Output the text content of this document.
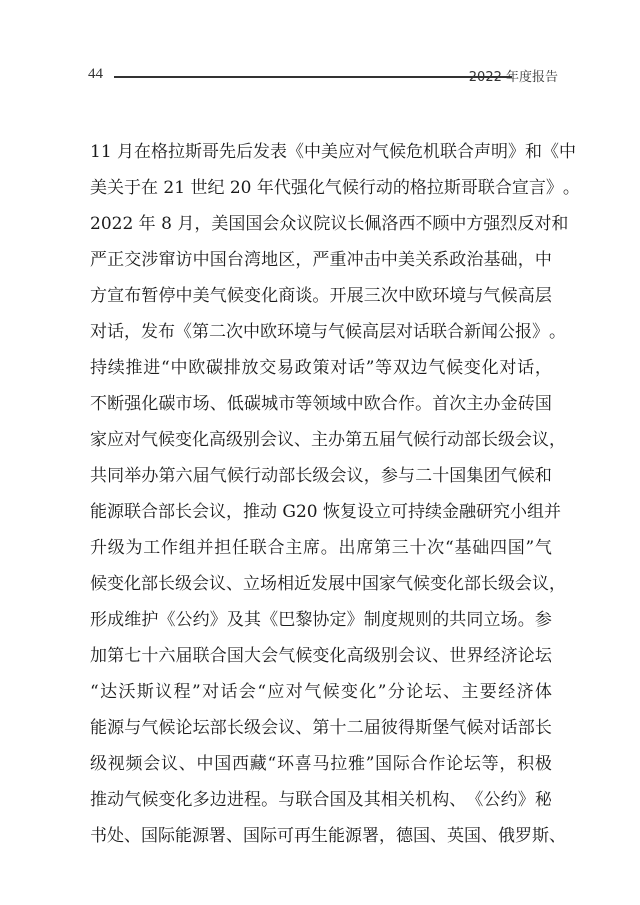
44	2022 年度报告
11
月 在 格 拉 斯 哥 先 后 发 表 《 中 美 应 对 气 候 危 机 联 合 声 明 》 和 《 中
美 关 于 在
21
世 纪
20
年 代 强 化 气 候 行 动 的 格 拉 斯 哥 联 合 宣 言 》 。
2022
年
8
月 ， 美 国 国 会 众 议 院 议 长 佩 洛 西 不 顾 中 方 强 烈 反 对 和
严 正 交 涉 窜 访 中 国 台 湾 地 区 ， 严 重 冲 击 中 美 关 系 政 治 基 础 ， 中
方 宣 布 暂 停 中 美 气 候 变 化 商 谈 。 开 展 三 次 中 欧 环 境 与 气 候 高 层
对 话 ， 发 布 《 第 二 次 中 欧 环 境 与 气 候 高 层 对 话 联 合 新 闻 公 报 》 。
持 续 推 进 “ 中 欧 碳 排 放 交 易 政 策 对 话 ” 等 双 边 气 候 变 化 对 话 ，
不 断 强 化 碳 市 场 、 低 碳 城 市 等 领 域 中 欧 合 作 。 首 次 主 办 金 砖 国
家 应 对 气 候 变 化 高 级 别 会 议 、 主 办 第 五 届 气 候 行 动 部 长 级 会 议 ，
共 同 举 办 第 六 届 气 候 行 动 部 长 级 会 议 ， 参 与 二 十 国 集 团 气 候 和
能 源 联 合 部 长 会 议 ， 推 动
G20
恢 复 设 立 可 持 续 金 融 研 究 小 组 并
升 级 为 工 作 组 并 担 任 联 合 主 席 。 出 席 第 三 十 次 “ 基 础 四 国 ” 气
候 变 化 部 长 级 会 议 、 立 场 相 近 发 展 中 国 家 气 候 变 化 部 长 级 会 议 ，
形 成 维 护 《 公 约 》 及 其 《 巴 黎 协 定 》 制 度 规 则 的 共 同 立 场 。 参
加 第 七 十 六 届 联 合 国 大 会 气 候 变 化 高 级 别 会 议 、 世 界 经 济 论 坛
“ 达 沃 斯 议 程 ” 对 话 会 “ 应 对 气 候 变 化 ” 分 论 坛 、 主 要 经 济 体
能 源 与 气 候 论 坛 部 长 级 会 议 、 第 十 二 届 彼 得 斯 堡 气 候 对 话 部 长
级 视 频 会 议 、 中 国 西 藏 “ 环 喜 马 拉 雅 ” 国 际 合 作 论 坛 等 ， 积 极
推 动 气 候 变 化 多 边 进 程 。 与 联 合 国 及 其 相 关 机 构 、 《 公 约 》 秘
书 处 、 国 际 能 源 署 、 国 际 可 再 生 能 源 署 ， 德 国 、 英 国 、 俄 罗 斯 、
